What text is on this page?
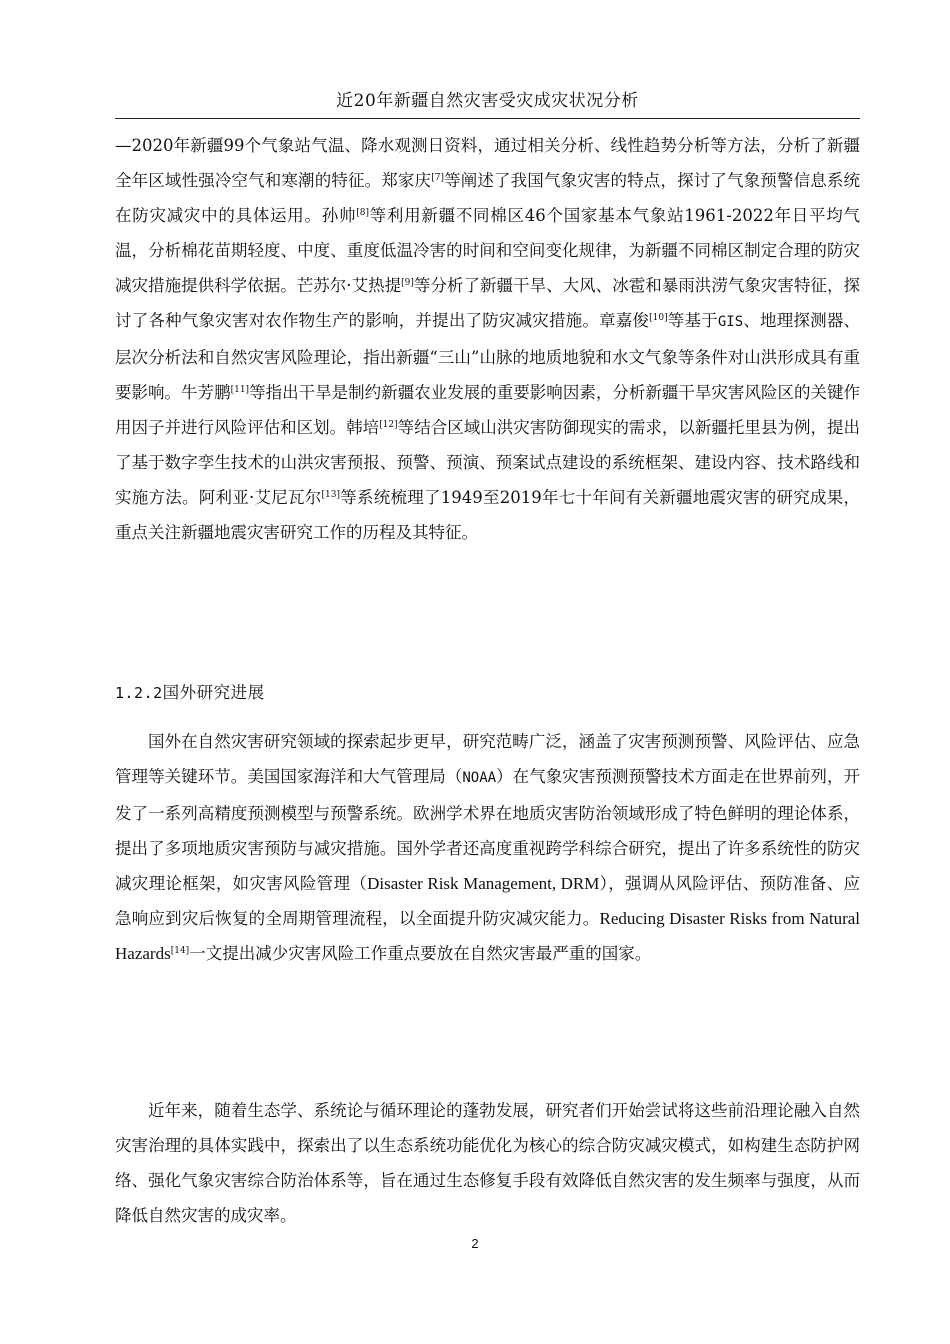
近20年新疆自然灾害受灾成灾状况分析

—2020年新疆99个气象站气温、降水观测日资料，通过相关分析、线性趋势分析等方法，分析了新疆全年区域性强冷空气和寒潮的特征。郑家庆[7]等阐述了我国气象灾害的特点，探讨了气象预警信息系统在防灾减灾中的具体运用。孙帅[8]等利用新疆不同棉区46个国家基本气象站1961-2022年日平均气温，分析棉花苗期轻度、中度、重度低温冷害的时间和空间变化规律，为新疆不同棉区制定合理的防灾减灾措施提供科学依据。芒苏尔·艾热提[9]等分析了新疆干旱、大风、冰雹和暴雨洪涝气象灾害特征，探讨了各种气象灾害对农作物生产的影响，并提出了防灾减灾措施。章嘉俊[10]等基于GIS、地理探测器、层次分析法和自然灾害风险理论，指出新疆“三山”山脉的地质地貌和水文气象等条件对山洪形成具有重要影响。牛芳鹏[11]等指出干旱是制约新疆农业发展的重要影响因素，分析新疆干旱灾害风险区的关键作用因子并进行风险评估和区划。韩培[12]等结合区域山洪灾害防御现实的需求，以新疆托里县为例，提出了基于数字孪生技术的山洪灾害预报、预警、预演、预案试点建设的系统框架、建设内容、技术路线和实施方法。阿利亚·艾尼瓦尔[13]等系统梳理了1949至2019年七十年间有关新疆地震灾害的研究成果，重点关注新疆地震灾害研究工作的历程及其特征。

1.2.2国外研究进展

国外在自然灾害研究领域的探索起步更早，研究范畴广泛，涵盖了灾害预测预警、风险评估、应急管理等关键环节。美国国家海洋和大气管理局（NOAA）在气象灾害预测预警技术方面走在世界前列，开发了一系列高精度预测模型与预警系统。欧洲学术界在地质灾害防治领域形成了特色鲜明的理论体系，提出了多项地质灾害预防与减灾措施。国外学者还高度重视跨学科综合研究，提出了许多系统性的防灾减灾理论框架，如灾害风险管理（Disaster Risk Management, DRM），强调从风险评估、预防准备、应急响应到灾后恢复的全周期管理流程，以全面提升防灾减灾能力。Reducing Disaster Risks from Natural Hazards[14]一文提出减少灾害风险工作重点要放在自然灾害最严重的国家。

近年来，随着生态学、系统论与循环理论的蓬勃发展，研究者们开始尝试将这些前沿理论融入自然灾害治理的具体实践中，探索出了以生态系统功能优化为核心的综合防灾减灾模式，如构建生态防护网络、强化气象灾害综合防治体系等，旨在通过生态修复手段有效降低自然灾害的发生频率与强度，从而降低自然灾害的成灾率。

2
